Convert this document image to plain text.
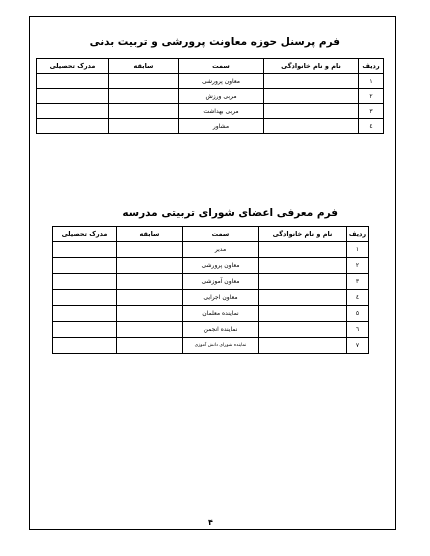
فرم پرسنل حوزه معاونت پرورشی و تربیت بدنی
ردیف	نام و نام خانوادگی	سمت	سابقه	مدرک تحصیلی
۱		معاون پرورشی		
۲		مربی ورزش		
۳		مربی بهداشت		
٤		مشاور		
فرم معرفی اعضای شورای تربیتی مدرسه
ردیف	نام و نام خانوادگی	سمت	سابقه	مدرک تحصیلی
۱		مدیر		
۲		معاون پرورشی		
۳		معاون آموزشی		
٤		معاون اجرایی		
٥		نماینده معلمان		
٦		نماینده انجمن		
۷		نماینده شورای دانش آموزی		
۴
